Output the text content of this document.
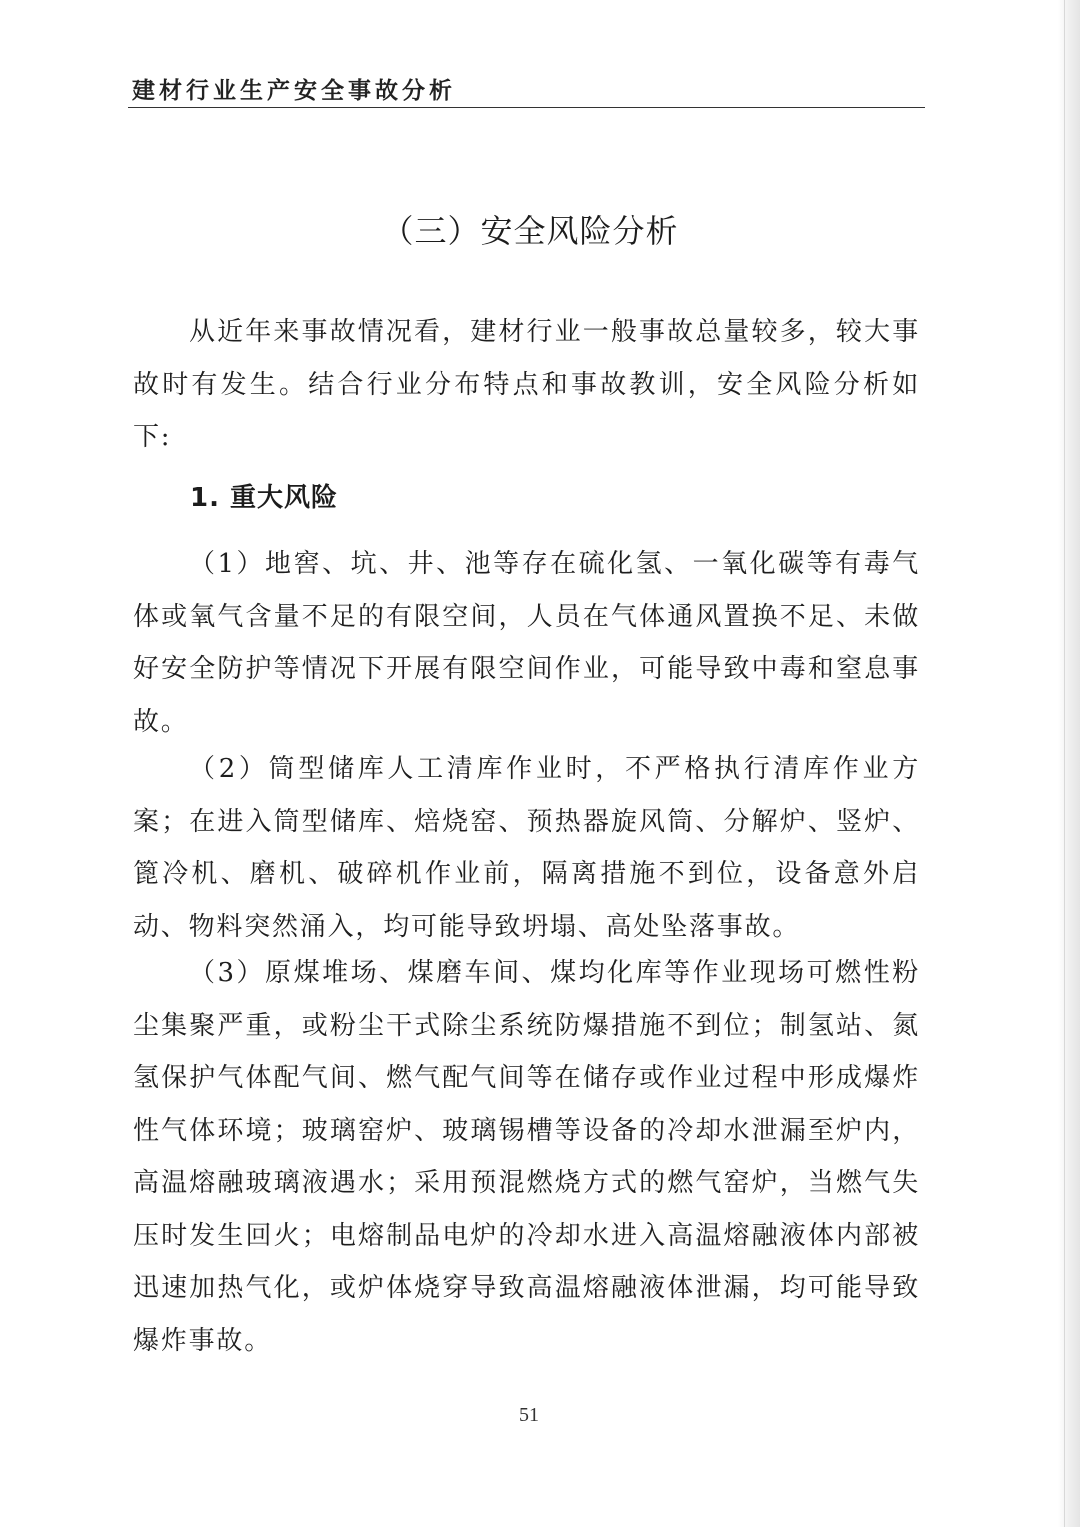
建材行业生产安全事故分析
（三）安全风险分析

从近年来事故情况看，建材行业一般事故总量较多，较大事故时有发生。结合行业分布特点和事故教训，安全风险分析如下:

1. 重大风险

（1）地窖、坑、井、池等存在硫化氢、一氧化碳等有毒气体或氧气含量不足的有限空间，人员在气体通风置换不足、未做好安全防护等情况下开展有限空间作业，可能导致中毒和窒息事故。

（2）筒型储库人工清库作业时，不严格执行清库作业方案；在进入筒型储库、焙烧窑、预热器旋风筒、分解炉、竖炉、篦冷机、磨机、破碎机作业前，隔离措施不到位，设备意外启动、物料突然涌入，均可能导致坍塌、高处坠落事故。

（3）原煤堆场、煤磨车间、煤均化库等作业现场可燃性粉尘集聚严重，或粉尘干式除尘系统防爆措施不到位；制氢站、氮氢保护气体配气间、燃气配气间等在储存或作业过程中形成爆炸性气体环境；玻璃窑炉、玻璃锡槽等设备的冷却水泄漏至炉内，高温熔融玻璃液遇水；采用预混燃烧方式的燃气窑炉，当燃气失压时发生回火；电熔制品电炉的冷却水进入高温熔融液体内部被迅速加热气化，或炉体烧穿导致高温熔融液体泄漏，均可能导致爆炸事故。

51
